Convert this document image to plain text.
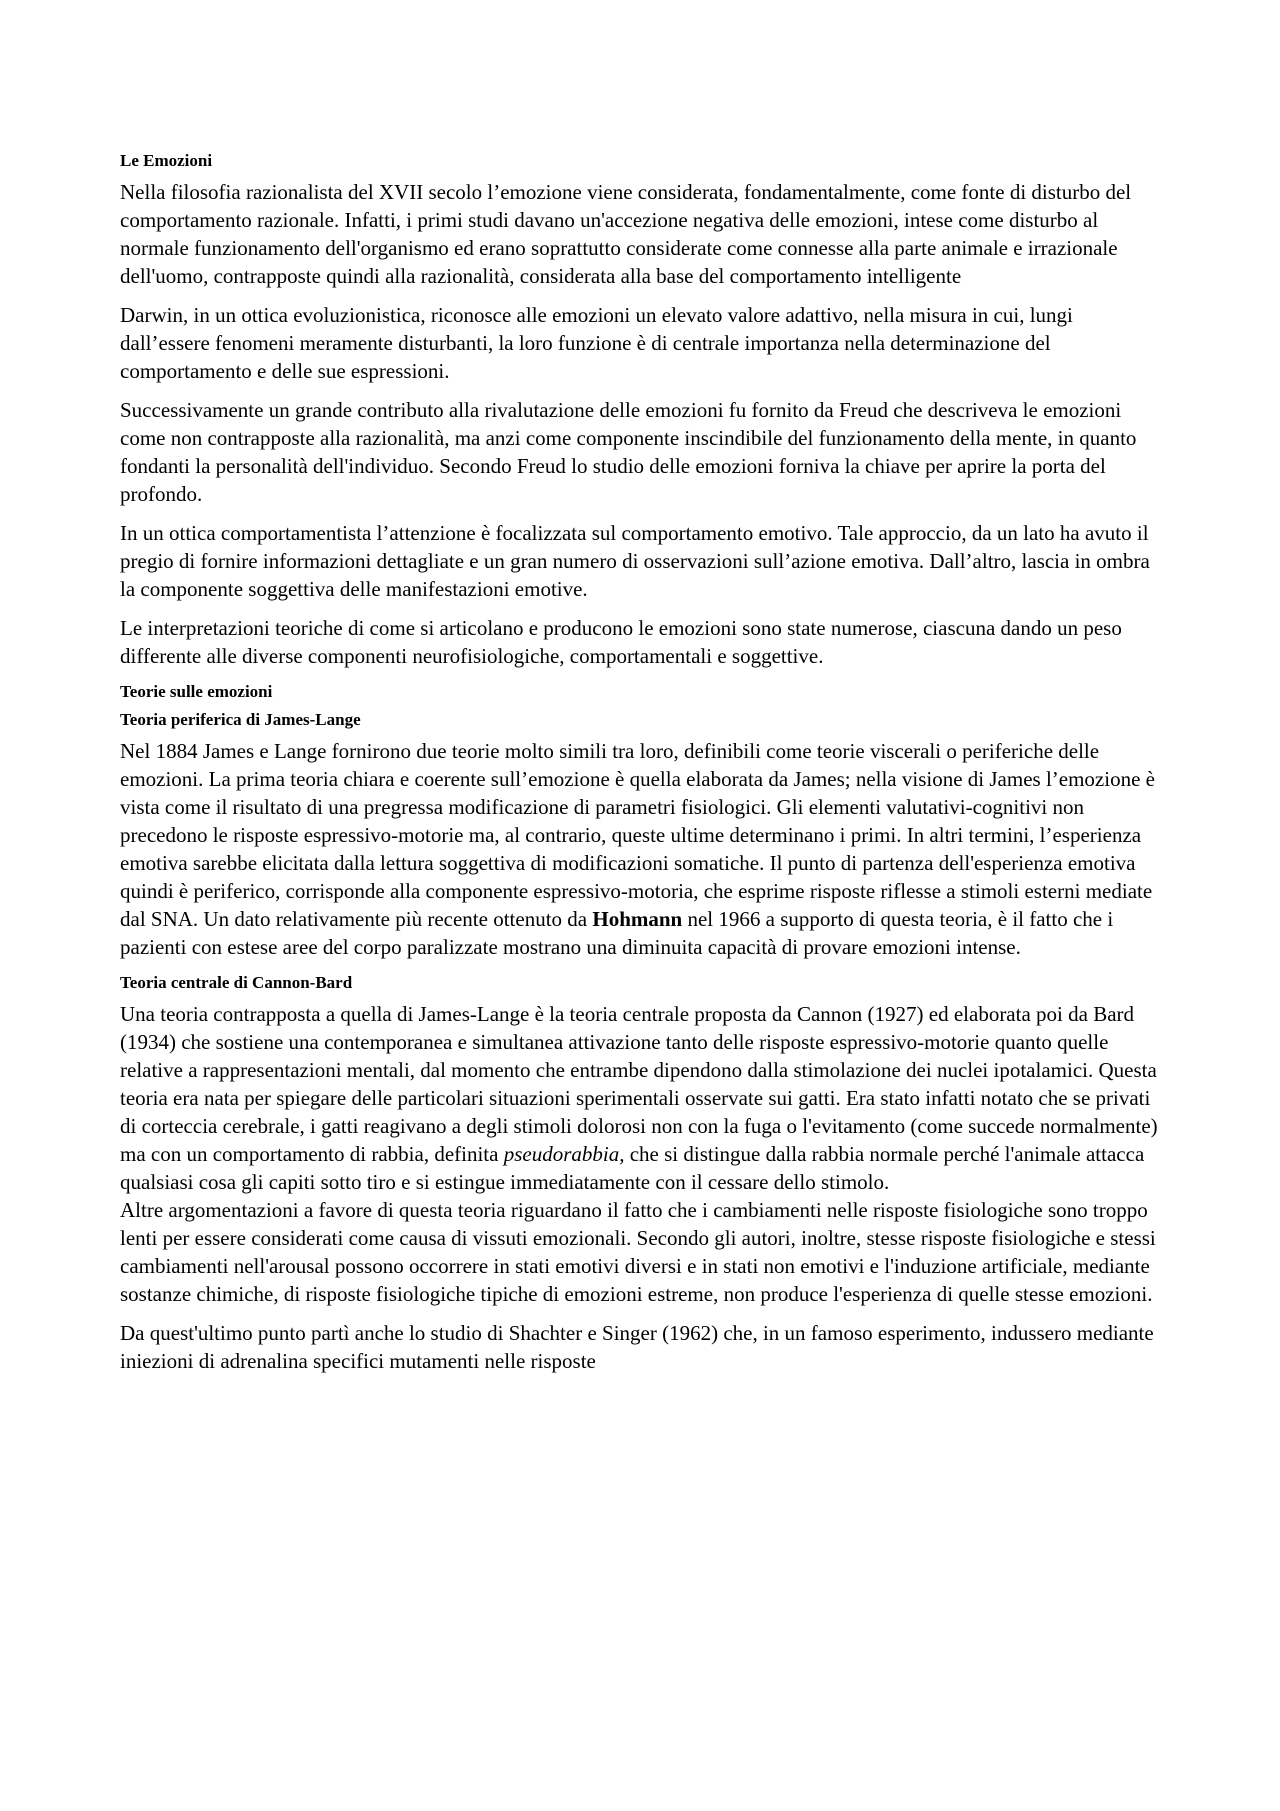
Le Emozioni

Nella filosofia razionalista del XVII secolo l’emozione viene considerata, fondamentalmente, come fonte di disturbo del comportamento razionale. Infatti, i primi studi davano un'accezione negativa delle emozioni, intese come disturbo al normale funzionamento dell'organismo ed erano soprattutto considerate come connesse alla parte animale e irrazionale dell'uomo, contrapposte quindi alla razionalità, considerata alla base del comportamento intelligente

Darwin, in un ottica evoluzionistica, riconosce alle emozioni un elevato valore adattivo, nella misura in cui, lungi dall’essere fenomeni meramente disturbanti, la loro funzione è di centrale importanza nella determinazione del comportamento e delle sue espressioni.

Successivamente un grande contributo alla rivalutazione delle emozioni fu fornito da Freud che descriveva le emozioni come non contrapposte alla razionalità, ma anzi come componente inscindibile del funzionamento della mente, in quanto fondanti la personalità dell'individuo. Secondo Freud lo studio delle emozioni forniva la chiave per aprire la porta del profondo.

In un ottica comportamentista l’attenzione è focalizzata sul comportamento emotivo. Tale approccio, da un lato ha avuto il pregio di fornire informazioni dettagliate e un gran numero di osservazioni sull’azione emotiva. Dall’altro, lascia in ombra la componente soggettiva delle manifestazioni emotive.

Le interpretazioni teoriche di come si articolano e producono le emozioni sono state numerose, ciascuna dando un peso differente alle diverse componenti neurofisiologiche, comportamentali e soggettive.

Teorie sulle emozioni
Teoria periferica di James-Lange

Nel 1884 James e Lange fornirono due teorie molto simili tra loro, definibili come teorie viscerali o periferiche delle emozioni. La prima teoria chiara e coerente sull’emozione è quella elaborata da James; nella visione di James l’emozione è vista come il risultato di una pregressa modificazione di parametri fisiologici. Gli elementi valutativi-cognitivi non precedono le risposte espressivo-motorie ma, al contrario, queste ultime determinano i primi. In altri termini, l’esperienza emotiva sarebbe elicitata dalla lettura soggettiva di modificazioni somatiche. Il punto di partenza dell'esperienza emotiva quindi è periferico, corrisponde alla componente espressivo-motoria, che esprime risposte riflesse a stimoli esterni mediate dal SNA. Un dato relativamente più recente ottenuto da Hohmann nel 1966 a supporto di questa teoria, è il fatto che i pazienti con estese aree del corpo paralizzate mostrano una diminuita capacità di provare emozioni intense.

Teoria centrale di Cannon-Bard

Una teoria contrapposta a quella di James-Lange è la teoria centrale proposta da Cannon (1927) ed elaborata poi da Bard (1934) che sostiene una contemporanea e simultanea attivazione tanto delle risposte espressivo-motorie quanto quelle relative a rappresentazioni mentali, dal momento che entrambe dipendono dalla stimolazione dei nuclei ipotalamici. Questa teoria era nata per spiegare delle particolari situazioni sperimentali osservate sui gatti. Era stato infatti notato che se privati di corteccia cerebrale, i gatti reagivano a degli stimoli dolorosi non con la fuga o l'evitamento (come succede normalmente) ma con un comportamento di rabbia, definita pseudorabbia, che si distingue dalla rabbia normale perché l'animale attacca qualsiasi cosa gli capiti sotto tiro e si estingue immediatamente con il cessare dello stimolo.

Altre argomentazioni a favore di questa teoria riguardano il fatto che i cambiamenti nelle risposte fisiologiche sono troppo lenti per essere considerati come causa di vissuti emozionali. Secondo gli autori, inoltre, stesse risposte fisiologiche e stessi cambiamenti nell'arousal possono occorrere in stati emotivi diversi e in stati non emotivi e l'induzione artificiale, mediante sostanze chimiche, di risposte fisiologiche tipiche di emozioni estreme, non produce l'esperienza di quelle stesse emozioni.

Da quest'ultimo punto partì anche lo studio di Shachter e Singer (1962) che, in un famoso esperimento, indussero mediante iniezioni di adrenalina specifici mutamenti nelle risposte
